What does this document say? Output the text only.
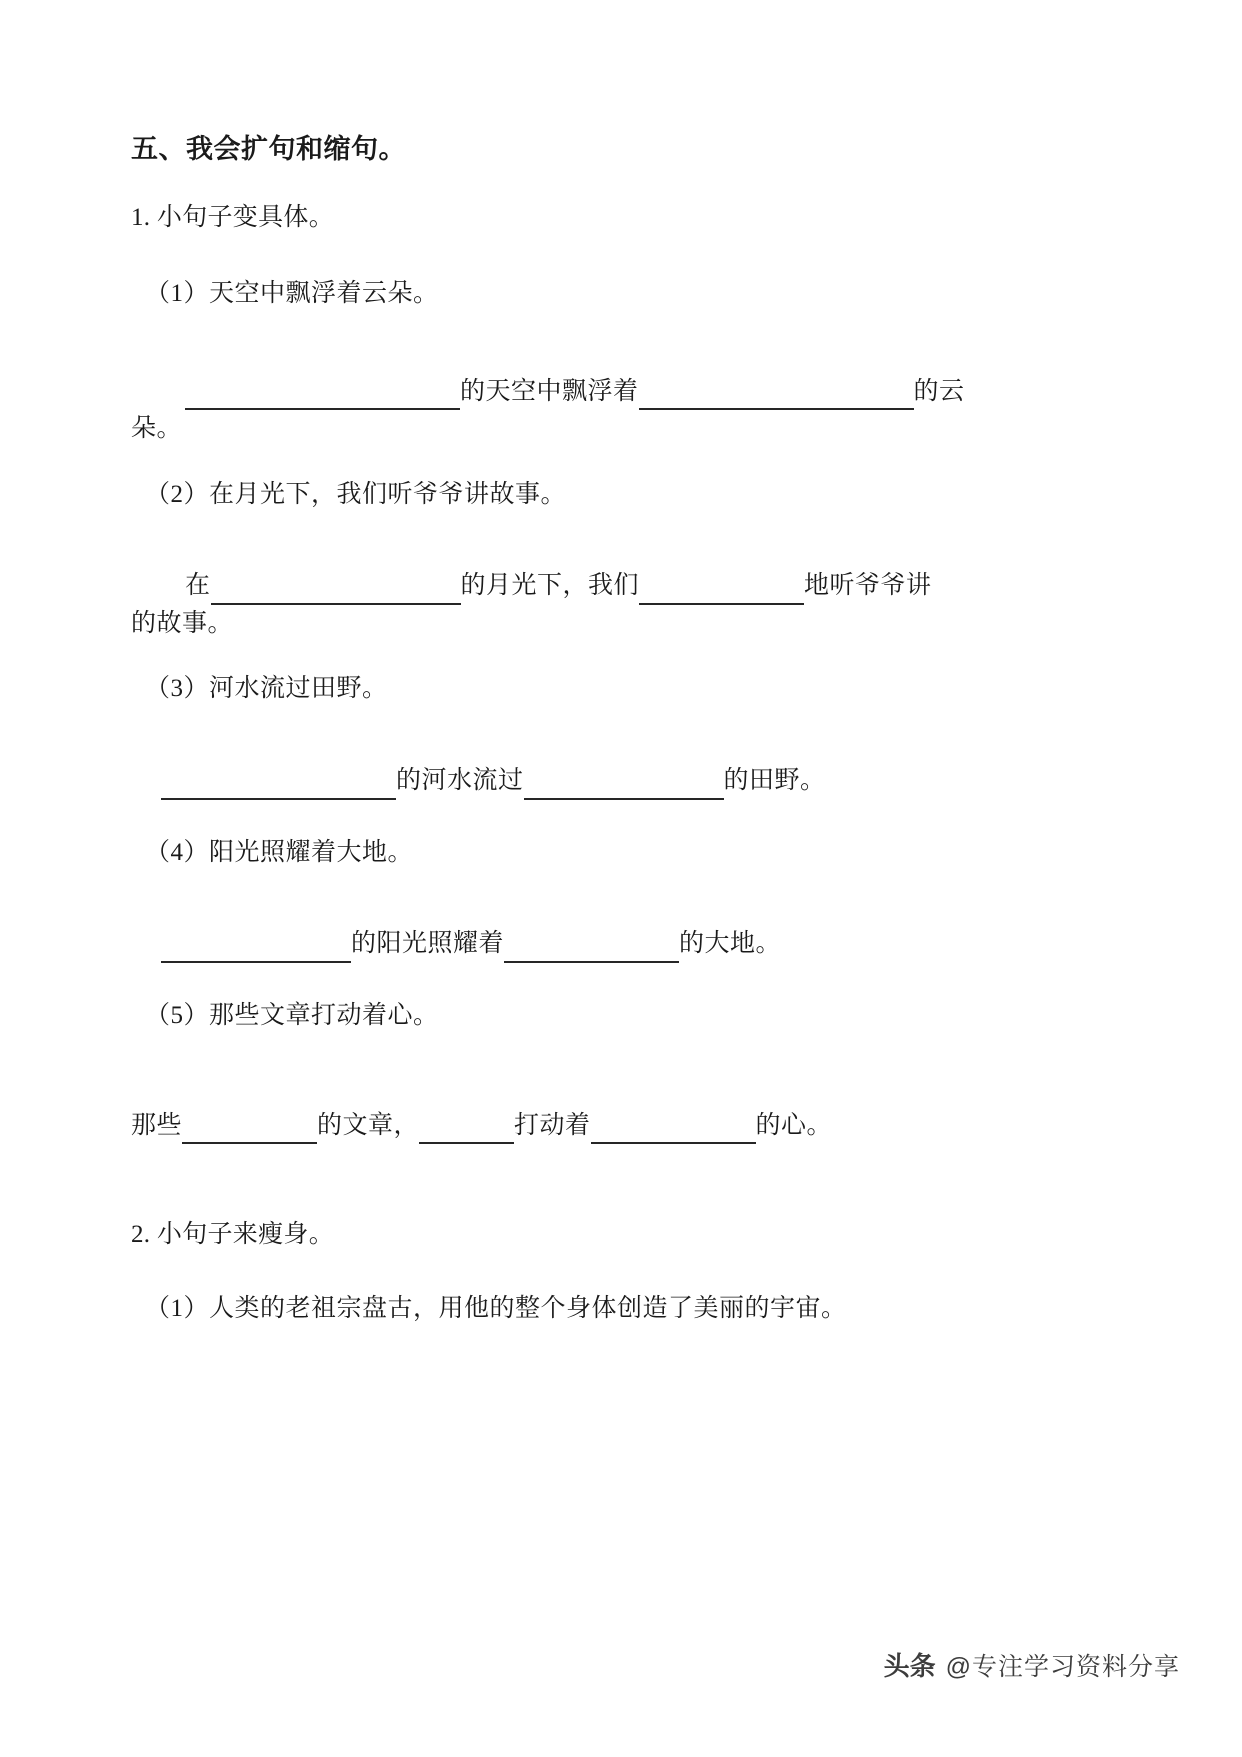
五、我会扩句和缩句。

1. 小句子变具体。

（1）天空中飘浮着云朵。

的天空中飘浮着	的云

朵。

（2）在月光下，我们听爷爷讲故事。

在	的月光下，我们	地听爷爷讲

的故事。

（3）河水流过田野。

的河水流过	的田野。

（4）阳光照耀着大地。

的阳光照耀着	的大地。

（5）那些文章打动着心。

那些	的文章，	打动着	的心。

2. 小句子来瘦身。

（1）人类的老祖宗盘古，用他的整个身体创造了美丽的宇宙。

头条 @专注学习资料分享
